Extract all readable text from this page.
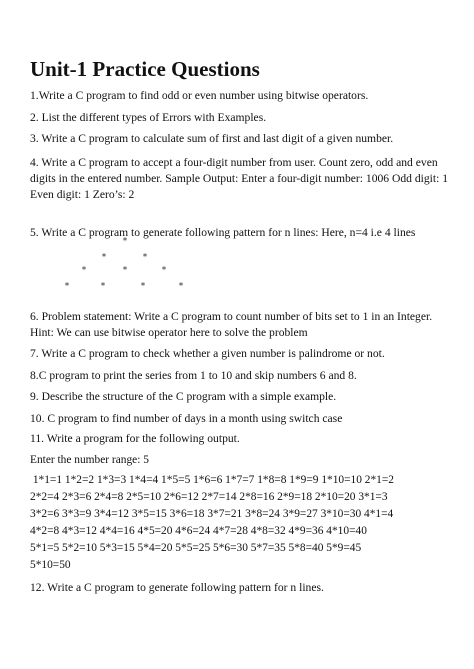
Unit-1 Practice Questions

1.Write a C program to find odd or even number using bitwise operators.

2. List the different types of Errors with Examples.

3. Write a C program to calculate sum of first and last digit of a given number.

4. Write a C program to accept a four-digit number from user. Count zero, odd and even digits in the entered number. Sample Output: Enter a four-digit number: 1006 Odd digit: 1 Even digit: 1 Zero’s: 2

5. Write a C program to generate following pattern for n lines: Here, n=4 i.e 4 lines

*
*	*
*	*	*
*	*	*	*

6. Problem statement: Write a C program to count number of bits set to 1 in an Integer. Hint: We can use bitwise operator here to solve the problem

7. Write a C program to check whether a given number is palindrome or not.

8.C program to print the series from 1 to 10 and skip numbers 6 and 8.

9. Describe the structure of the C program with a simple example.

10. C program to find number of days in a month using switch case

11. Write a program for the following output.

Enter the number range: 5

1*1=1 1*2=2 1*3=3 1*4=4 1*5=5 1*6=6 1*7=7 1*8=8 1*9=9 1*10=10 2*1=2

2*2=4 2*3=6 2*4=8 2*5=10 2*6=12 2*7=14 2*8=16 2*9=18 2*10=20 3*1=3

3*2=6 3*3=9 3*4=12 3*5=15 3*6=18 3*7=21 3*8=24 3*9=27 3*10=30 4*1=4

4*2=8 4*3=12 4*4=16 4*5=20 4*6=24 4*7=28 4*8=32 4*9=36 4*10=40

5*1=5 5*2=10 5*3=15 5*4=20 5*5=25 5*6=30 5*7=35 5*8=40 5*9=45

5*10=50

12. Write a C program to generate following pattern for n lines.
